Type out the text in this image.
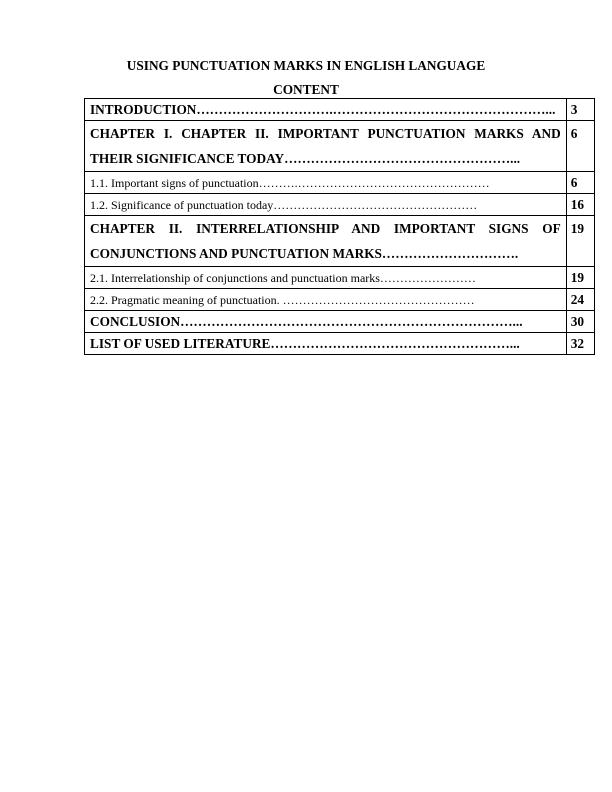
USING PUNCTUATION MARKS IN ENGLISH LANGUAGE
CONTENT
INTRODUCTION………………………….…………………………………………...	3
CHAPTER I. CHAPTER II. IMPORTANT PUNCTUATION MARKS AND THEIR SIGNIFICANCE TODAY……………………………………………...	6
1.1. Important signs of punctuation……….…………………………………………	6
1.2. Significance of punctuation today……………………………………………	16
CHAPTER II. INTERRELATIONSHIP AND IMPORTANT SIGNS OF CONJUNCTIONS AND PUNCTUATION MARKS………………………….	19
2.1. Interrelationship of conjunctions and punctuation marks……………………	19
2.2. Pragmatic meaning of punctuation. …………………………………………	24
CONCLUSION…………………………………………………………………...	30
LIST OF USED LITERATURE………………………………………………...	32
